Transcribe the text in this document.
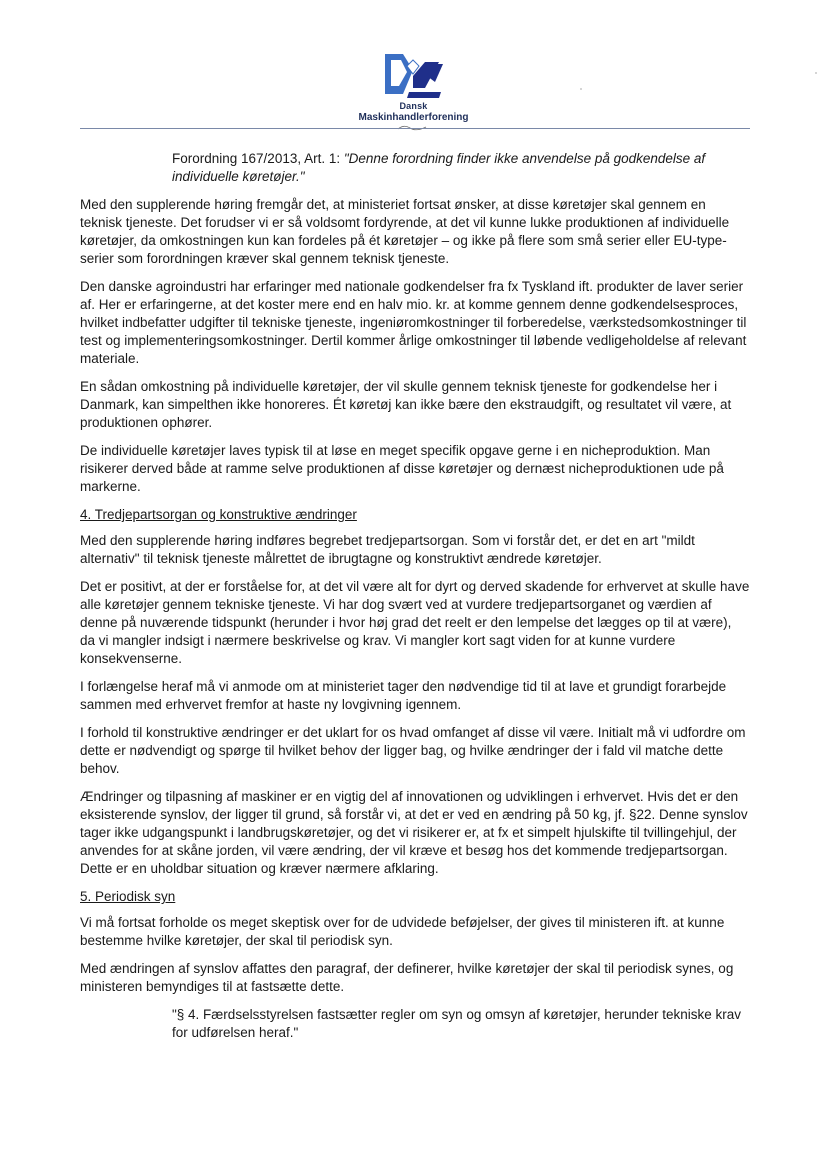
Dansk
Maskinhandlerforening

Forordning 167/2013, Art. 1: "Denne forordning finder ikke anvendelse på godkendelse af individuelle køretøjer."

Med den supplerende høring fremgår det, at ministeriet fortsat ønsker, at disse køretøjer skal gennem en teknisk tjeneste. Det forudser vi er så voldsomt fordyrende, at det vil kunne lukke produktionen af individuelle køretøjer, da omkostningen kun kan fordeles på ét køretøjer – og ikke på flere som små serier eller EU-type-serier som forordningen kræver skal gennem teknisk tjeneste.

Den danske agroindustri har erfaringer med nationale godkendelser fra fx Tyskland ift. produkter de laver serier af. Her er erfaringerne, at det koster mere end en halv mio. kr. at komme gennem denne godkendelsesproces, hvilket indbefatter udgifter til tekniske tjeneste, ingeniøromkostninger til forberedelse, værkstedsomkostninger til test og implementeringsomkostninger. Dertil kommer årlige omkostninger til løbende vedligeholdelse af relevant materiale.

En sådan omkostning på individuelle køretøjer, der vil skulle gennem teknisk tjeneste for godkendelse her i Danmark, kan simpelthen ikke honoreres. Ét køretøj kan ikke bære den ekstraudgift, og resultatet vil være, at produktionen ophører.

De individuelle køretøjer laves typisk til at løse en meget specifik opgave gerne i en nicheproduktion. Man risikerer derved både at ramme selve produktionen af disse køretøjer og dernæst nicheproduktionen ude på markerne.

4. Tredjepartsorgan og konstruktive ændringer

Med den supplerende høring indføres begrebet tredjepartsorgan. Som vi forstår det, er det en art "mildt alternativ" til teknisk tjeneste målrettet de ibrugtagne og konstruktivt ændrede køretøjer.

Det er positivt, at der er forståelse for, at det vil være alt for dyrt og derved skadende for erhvervet at skulle have alle køretøjer gennem tekniske tjeneste. Vi har dog svært ved at vurdere tredjepartsorganet og værdien af denne på nuværende tidspunkt (herunder i hvor høj grad det reelt er den lempelse det lægges op til at være), da vi mangler indsigt i nærmere beskrivelse og krav. Vi mangler kort sagt viden for at kunne vurdere konsekvenserne.

I forlængelse heraf må vi anmode om at ministeriet tager den nødvendige tid til at lave et grundigt forarbejde sammen med erhvervet fremfor at haste ny lovgivning igennem.

I forhold til konstruktive ændringer er det uklart for os hvad omfanget af disse vil være. Initialt må vi udfordre om dette er nødvendigt og spørge til hvilket behov der ligger bag, og hvilke ændringer der i fald vil matche dette behov.

Ændringer og tilpasning af maskiner er en vigtig del af innovationen og udviklingen i erhvervet. Hvis det er den eksisterende synslov, der ligger til grund, så forstår vi, at det er ved en ændring på 50 kg, jf. §22. Denne synslov tager ikke udgangspunkt i landbrugskøretøjer, og det vi risikerer er, at fx et simpelt hjulskifte til tvillingehjul, der anvendes for at skåne jorden, vil være ændring, der vil kræve et besøg hos det kommende tredjepartsorgan. Dette er en uholdbar situation og kræver nærmere afklaring.

5. Periodisk syn

Vi må fortsat forholde os meget skeptisk over for de udvidede beføjelser, der gives til ministeren ift. at kunne bestemme hvilke køretøjer, der skal til periodisk syn.

Med ændringen af synslov affattes den paragraf, der definerer, hvilke køretøjer der skal til periodisk synes, og ministeren bemyndiges til at fastsætte dette.

"§ 4. Færdselsstyrelsen fastsætter regler om syn og omsyn af køretøjer, herunder tekniske krav for udførelsen heraf."
